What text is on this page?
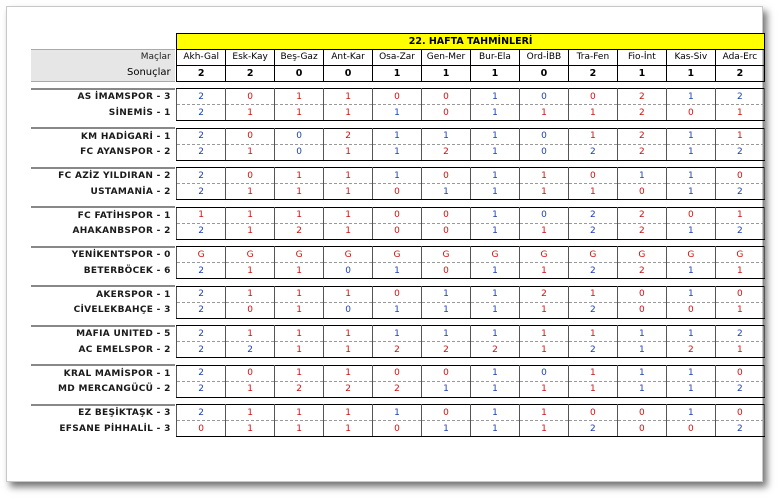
		22. HAFTA TAHMİNLERİ											
Maçlar		Akh-Gal	Esk-Kay	Beş-Gaz	Ant-Kar	Osa-Zar	Gen-Mer	Bur-Ela	Ord-İBB	Tra-Fen	Fio-İnt	Kas-Siv	Ada-Erc
Sonuçlar		2	2	0	0	1	1	1	0	2	1	1	2

AS İMAMSPOR - 3		2	0	1	1	0	0	1	0	0	2	1	2
SİNEMİS - 1		2	1	1	1	1	0	1	1	1	2	0	1

KM HADİGARİ - 1		2	0	0	2	1	1	1	0	1	2	1	1
FC AYANSPOR - 2		2	1	0	1	1	2	1	0	2	2	1	2

FC AZİZ YILDIRAN - 2		2	0	1	1	1	0	1	1	0	1	1	0
USTAMANİA - 2		2	1	1	1	0	1	1	1	1	0	1	2

FC FATİHSPOR - 1		1	1	1	1	0	0	1	0	2	2	0	1
AHAKANBSPOR - 2		2	1	2	1	0	0	1	1	2	2	1	2

YENİKENTSPOR - 0		G	G	G	G	G	G	G	G	G	G	G	G
BETERBÖCEK - 6		2	1	1	0	1	0	1	1	2	2	1	1

AKERSPOR - 1		2	1	1	1	0	1	1	2	1	0	1	0
CİVELEKBAHÇE - 3		2	0	1	0	1	1	1	1	2	0	0	1

MAFIA UNITED - 5		2	1	1	1	1	1	1	1	1	1	1	2
AC EMELSPOR - 2		2	2	1	1	2	2	2	1	2	1	2	1

KRAL MAMİSPOR - 1		2	0	1	1	0	0	1	0	1	1	1	0
MD MERCANGÜCÜ - 2		2	1	2	2	2	1	1	1	1	1	1	2

EZ BEŞİKTAŞK - 3		2	1	1	1	1	0	1	1	0	0	1	0
EFSANE PİHHALİL - 3		0	1	1	1	0	1	1	1	2	0	0	2
